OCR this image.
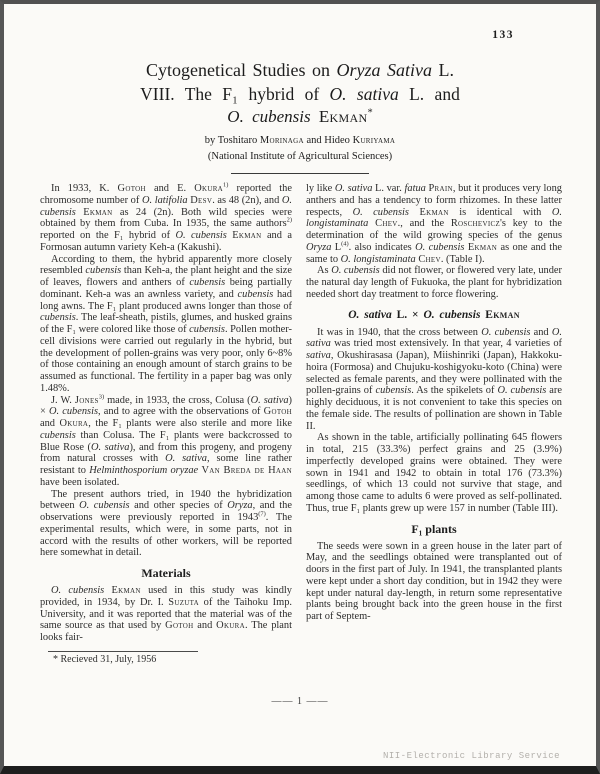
133
Cytogenetical Studies on Oryza Sativa L.
VIII. The F₁ hybrid of O. sativa L. and
O. cubensis Ekman*
by Toshitaro Morinaga and Hideo Kuriyama
(National Institute of Agricultural Sciences)

In 1933, K. Gotoh and E. Okura$^{1)}$ reported the chromosome number of O. latifolia Desv. as 48 (2n), and O. cubensis Ekman as 24 (2n). Both wild species were obtained by them from Cuba. In 1935, the same authors$^{2)}$ reported on the F₁ hybrid of O. cubensis Ekman and a Formosan autumn variety Keh-a (Kakushi).

According to them, the hybrid apparently more closely resembled cubensis than Keh-a, the plant height and the size of leaves, flowers and anthers of cubensis being partially dominant. Keh-a was an awnless variety, and cubensis had long awns. The F₁ plant produced awns longer than those of cubensis. The leaf-sheath, pistils, glumes, and husked grains of the F₁ were colored like those of cubensis. Pollen mother-cell divisions were carried out regularly in the hybrid, but the development of pollen-grains was very poor, only 6~8% of those containing an enough amount of starch grains to be assumed as functional. The fertility in a paper bag was only 1.48%.

J. W. Jones$^{3)}$ made, in 1933, the cross, Colusa (O. sativa) × O. cubensis, and to agree with the observations of Gotoh and Okura, the F₁ plants were also sterile and more like cubensis than Colusa. The F₁ plants were backcrossed to Blue Rose (O. sativa), and from this progeny, and progeny from natural crosses with O. sativa, some line rather resistant to Helminthosporium oryzae Van Breda de Haan have been isolated.

The present authors tried, in 1940 the hybridization between O. cubensis and other species of Oryza, and the observations were previously reported in 1943$^{(7)}$. The experimental results, which were, in some parts, not in accord with the results of other workers, will be reported here somewhat in detail.

Materials

O. cubensis Ekman used in this study was kindly provided, in 1934, by Dr. I. Suzuta of the Taihoku Imp. University, and it was reported that the material was of the same source as that used by Gotoh and Okura. The plant looks fair-

* Recieved 31, July, 1956

ly like O. sativa L. var. fatua Prain, but it produces very long anthers and has a tendency to form rhizomes. In these latter respects, O. cubensis Ekman is identical with O. longistaminata Chev., and the Roschevicz's key to the determination of the wild growing species of the genus Oryza $L^{(4)}$. also indicates O. cubensis Ekman as one and the same to O. longistaminata Chev. (Table I).

As O. cubensis did not flower, or flowered very late, under the natural day length of Fukuoka, the plant for hybridization needed short day treatment to force flowering.

O. sativa L. × O. cubensis Ekman

It was in 1940, that the cross between O. cubensis and O. sativa was tried most extensively. In that year, 4 varieties of sativa, Okushirasasa (Japan), Miishinriki (Japan), Hakkoku-hoira (Formosa) and Chujuku-koshigyoku-koto (China) were selected as female parents, and they were pollinated with the pollen-grains of cubensis. As the spikelets of O. cubensis are highly deciduous, it is not convenient to take this species on the female side. The results of pollination are shown in Table II.

As shown in the table, artificially pollinating 645 flowers in total, 215 (33.3%) perfect grains and 25 (3.9%) imperfectly developed grains were obtained. They were sown in 1941 and 1942 to obtain in total 176 (73.3%) seedlings, of which 13 could not survive that stage, and among those came to adults 6 were proved as self-pollinated. Thus, true F₁ plants grew up were 157 in number (Table III).

F₁ plants

The seeds were sown in a green house in the later part of May, and the seedlings obtained were transplanted out of doors in the first part of July. In 1941, the transplanted plants were kept under a short day condition, but in 1942 they were kept under natural day-length, in return some representative plants being brought back into the green house in the first part of Septem-

—— 1 ——
NII-Electronic Library Service
